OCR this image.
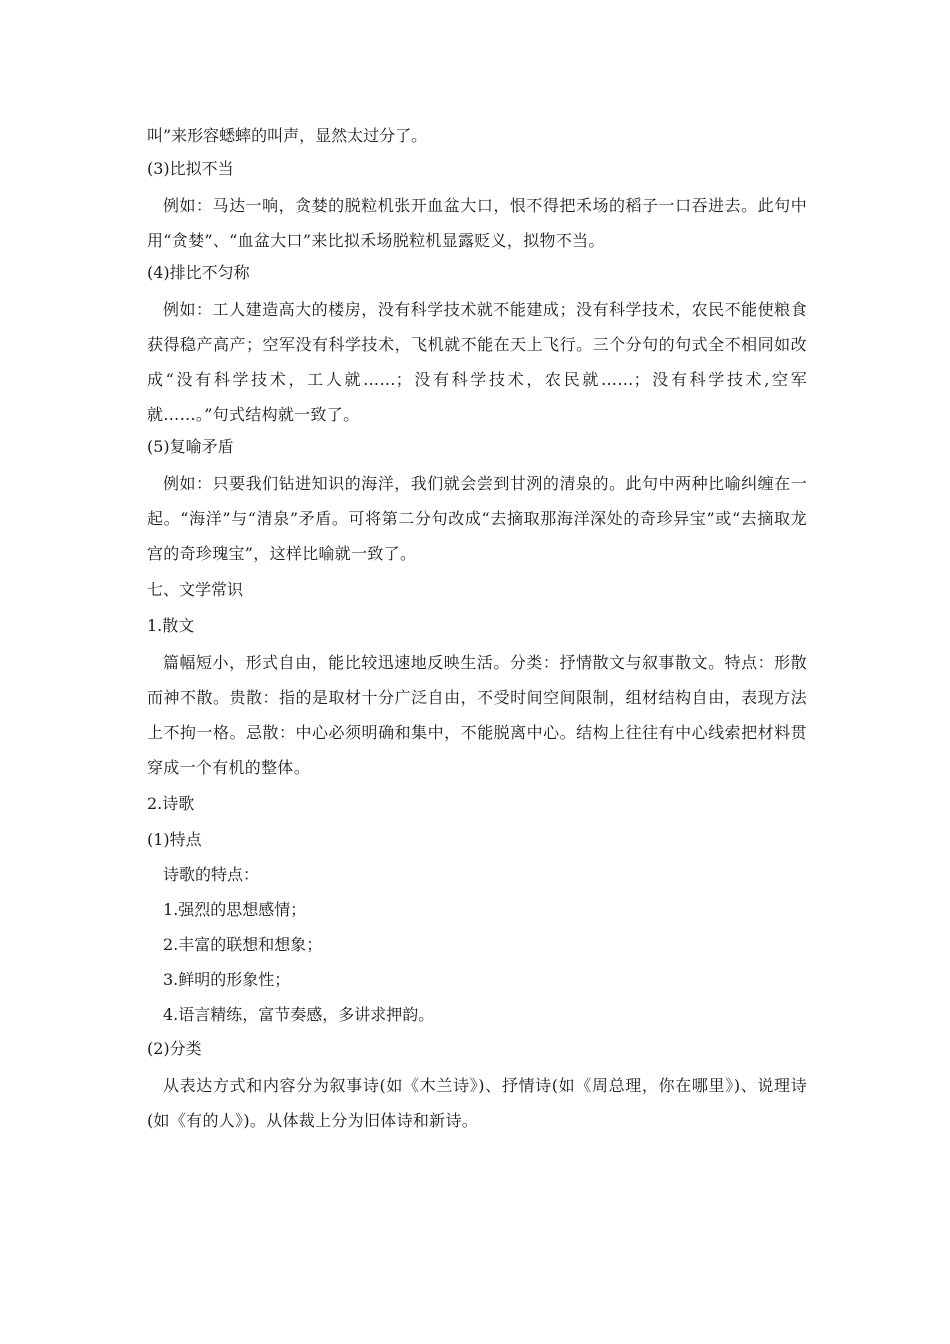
叫”来形容蟋蟀的叫声，显然太过分了。

(3)比拟不当

例如：马达一响，贪婪的脱粒机张开血盆大口，恨不得把禾场的稻子一口吞进去。此句中用“贪婪”、“血盆大口”来比拟禾场脱粒机显露贬义，拟物不当。

(4)排比不匀称

例如：工人建造高大的楼房，没有科学技术就不能建成；没有科学技术，农民不能使粮食获得稳产高产；空军没有科学技术，飞机就不能在天上飞行。三个分句的句式全不相同如改成“没有科学技术，工人就……；没有科学技术，农民就……；没有科学技术,空军就……。”句式结构就一致了。

(5)复喻矛盾

例如：只要我们钻进知识的海洋，我们就会尝到甘洌的清泉的。此句中两种比喻纠缠在一起。“海洋”与“清泉”矛盾。可将第二分句改成“去摘取那海洋深处的奇珍异宝”或“去摘取龙宫的奇珍瑰宝”，这样比喻就一致了。

七、文学常识

1.散文

篇幅短小，形式自由，能比较迅速地反映生活。分类：抒情散文与叙事散文。特点：形散而神不散。贵散：指的是取材十分广泛自由，不受时间空间限制，组材结构自由，表现方法上不拘一格。忌散：中心必须明确和集中，不能脱离中心。结构上往往有中心线索把材料贯穿成一个有机的整体。

2.诗歌

(1)特点

诗歌的特点：

1.强烈的思想感情；

2.丰富的联想和想象；

3.鲜明的形象性；

4.语言精练，富节奏感，多讲求押韵。

(2)分类

从表达方式和内容分为叙事诗(如《木兰诗》)、抒情诗(如《周总理，你在哪里》)、说理诗(如《有的人》)。从体裁上分为旧体诗和新诗。
